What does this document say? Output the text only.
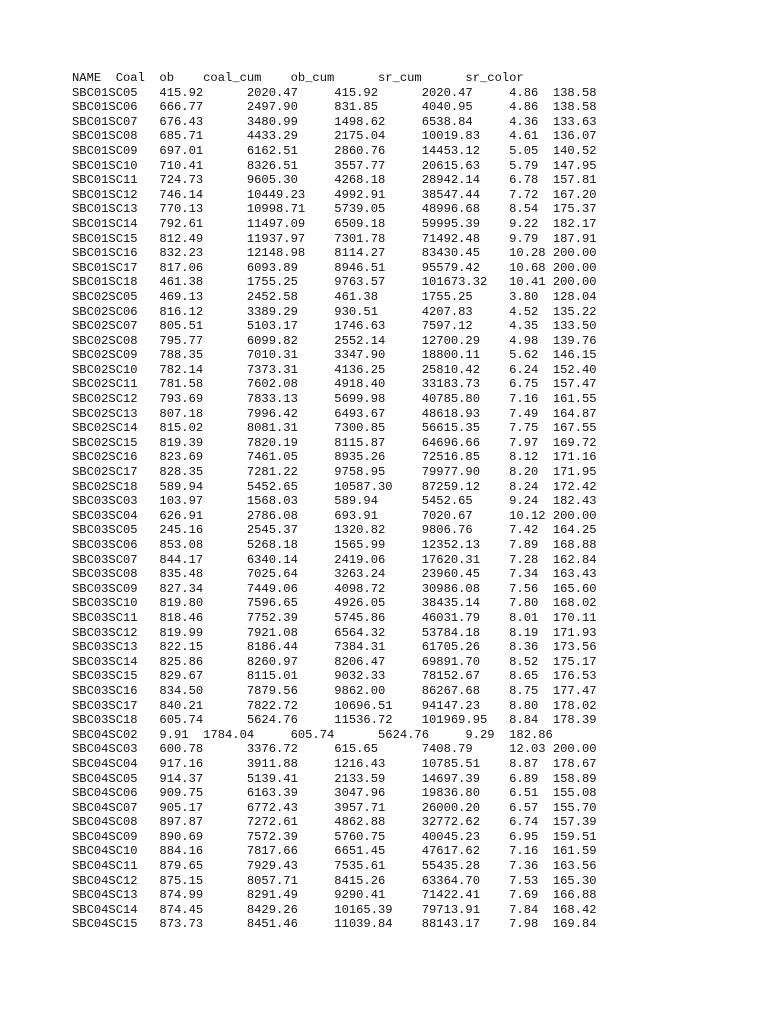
NAME  Coal  ob    coal_cum    ob_cum      sr_cum      sr_color
SBC01SC05   415.92      2020.47     415.92      2020.47     4.86  138.58
SBC01SC06   666.77      2497.90     831.85      4040.95     4.86  138.58
SBC01SC07   676.43      3480.99     1498.62     6538.84     4.36  133.63
SBC01SC08   685.71      4433.29     2175.04     10019.83    4.61  136.07
SBC01SC09   697.01      6162.51     2860.76     14453.12    5.05  140.52
SBC01SC10   710.41      8326.51     3557.77     20615.63    5.79  147.95
SBC01SC11   724.73      9605.30     4268.18     28942.14    6.78  157.81
SBC01SC12   746.14      10449.23    4992.91     38547.44    7.72  167.20
SBC01SC13   770.13      10998.71    5739.05     48996.68    8.54  175.37
SBC01SC14   792.61      11497.09    6509.18     59995.39    9.22  182.17
SBC01SC15   812.49      11937.97    7301.78     71492.48    9.79  187.91
SBC01SC16   832.23      12148.98    8114.27     83430.45    10.28 200.00
SBC01SC17   817.06      6093.89     8946.51     95579.42    10.68 200.00
SBC01SC18   461.38      1755.25     9763.57     101673.32   10.41 200.00
SBC02SC05   469.13      2452.58     461.38      1755.25     3.80  128.04
SBC02SC06   816.12      3389.29     930.51      4207.83     4.52  135.22
SBC02SC07   805.51      5103.17     1746.63     7597.12     4.35  133.50
SBC02SC08   795.77      6099.82     2552.14     12700.29    4.98  139.76
SBC02SC09   788.35      7010.31     3347.90     18800.11    5.62  146.15
SBC02SC10   782.14      7373.31     4136.25     25810.42    6.24  152.40
SBC02SC11   781.58      7602.08     4918.40     33183.73    6.75  157.47
SBC02SC12   793.69      7833.13     5699.98     40785.80    7.16  161.55
SBC02SC13   807.18      7996.42     6493.67     48618.93    7.49  164.87
SBC02SC14   815.02      8081.31     7300.85     56615.35    7.75  167.55
SBC02SC15   819.39      7820.19     8115.87     64696.66    7.97  169.72
SBC02SC16   823.69      7461.05     8935.26     72516.85    8.12  171.16
SBC02SC17   828.35      7281.22     9758.95     79977.90    8.20  171.95
SBC02SC18   589.94      5452.65     10587.30    87259.12    8.24  172.42
SBC03SC03   103.97      1568.03     589.94      5452.65     9.24  182.43
SBC03SC04   626.91      2786.08     693.91      7020.67     10.12 200.00
SBC03SC05   245.16      2545.37     1320.82     9806.76     7.42  164.25
SBC03SC06   853.08      5268.18     1565.99     12352.13    7.89  168.88
SBC03SC07   844.17      6340.14     2419.06     17620.31    7.28  162.84
SBC03SC08   835.48      7025.64     3263.24     23960.45    7.34  163.43
SBC03SC09   827.34      7449.06     4098.72     30986.08    7.56  165.60
SBC03SC10   819.80      7596.65     4926.05     38435.14    7.80  168.02
SBC03SC11   818.46      7752.39     5745.86     46031.79    8.01  170.11
SBC03SC12   819.99      7921.08     6564.32     53784.18    8.19  171.93
SBC03SC13   822.15      8186.44     7384.31     61705.26    8.36  173.56
SBC03SC14   825.86      8260.97     8206.47     69891.70    8.52  175.17
SBC03SC15   829.67      8115.01     9032.33     78152.67    8.65  176.53
SBC03SC16   834.50      7879.56     9862.00     86267.68    8.75  177.47
SBC03SC17   840.21      7822.72     10696.51    94147.23    8.80  178.02
SBC03SC18   605.74      5624.76     11536.72    101969.95   8.84  178.39
SBC04SC02   9.91  1784.04     605.74      5624.76     9.29  182.86
SBC04SC03   600.78      3376.72     615.65      7408.79     12.03 200.00
SBC04SC04   917.16      3911.88     1216.43     10785.51    8.87  178.67
SBC04SC05   914.37      5139.41     2133.59     14697.39    6.89  158.89
SBC04SC06   909.75      6163.39     3047.96     19836.80    6.51  155.08
SBC04SC07   905.17      6772.43     3957.71     26000.20    6.57  155.70
SBC04SC08   897.87      7272.61     4862.88     32772.62    6.74  157.39
SBC04SC09   890.69      7572.39     5760.75     40045.23    6.95  159.51
SBC04SC10   884.16      7817.66     6651.45     47617.62    7.16  161.59
SBC04SC11   879.65      7929.43     7535.61     55435.28    7.36  163.56
SBC04SC12   875.15      8057.71     8415.26     63364.70    7.53  165.30
SBC04SC13   874.99      8291.49     9290.41     71422.41    7.69  166.88
SBC04SC14   874.45      8429.26     10165.39    79713.91    7.84  168.42
SBC04SC15   873.73      8451.46     11039.84    88143.17    7.98  169.84
